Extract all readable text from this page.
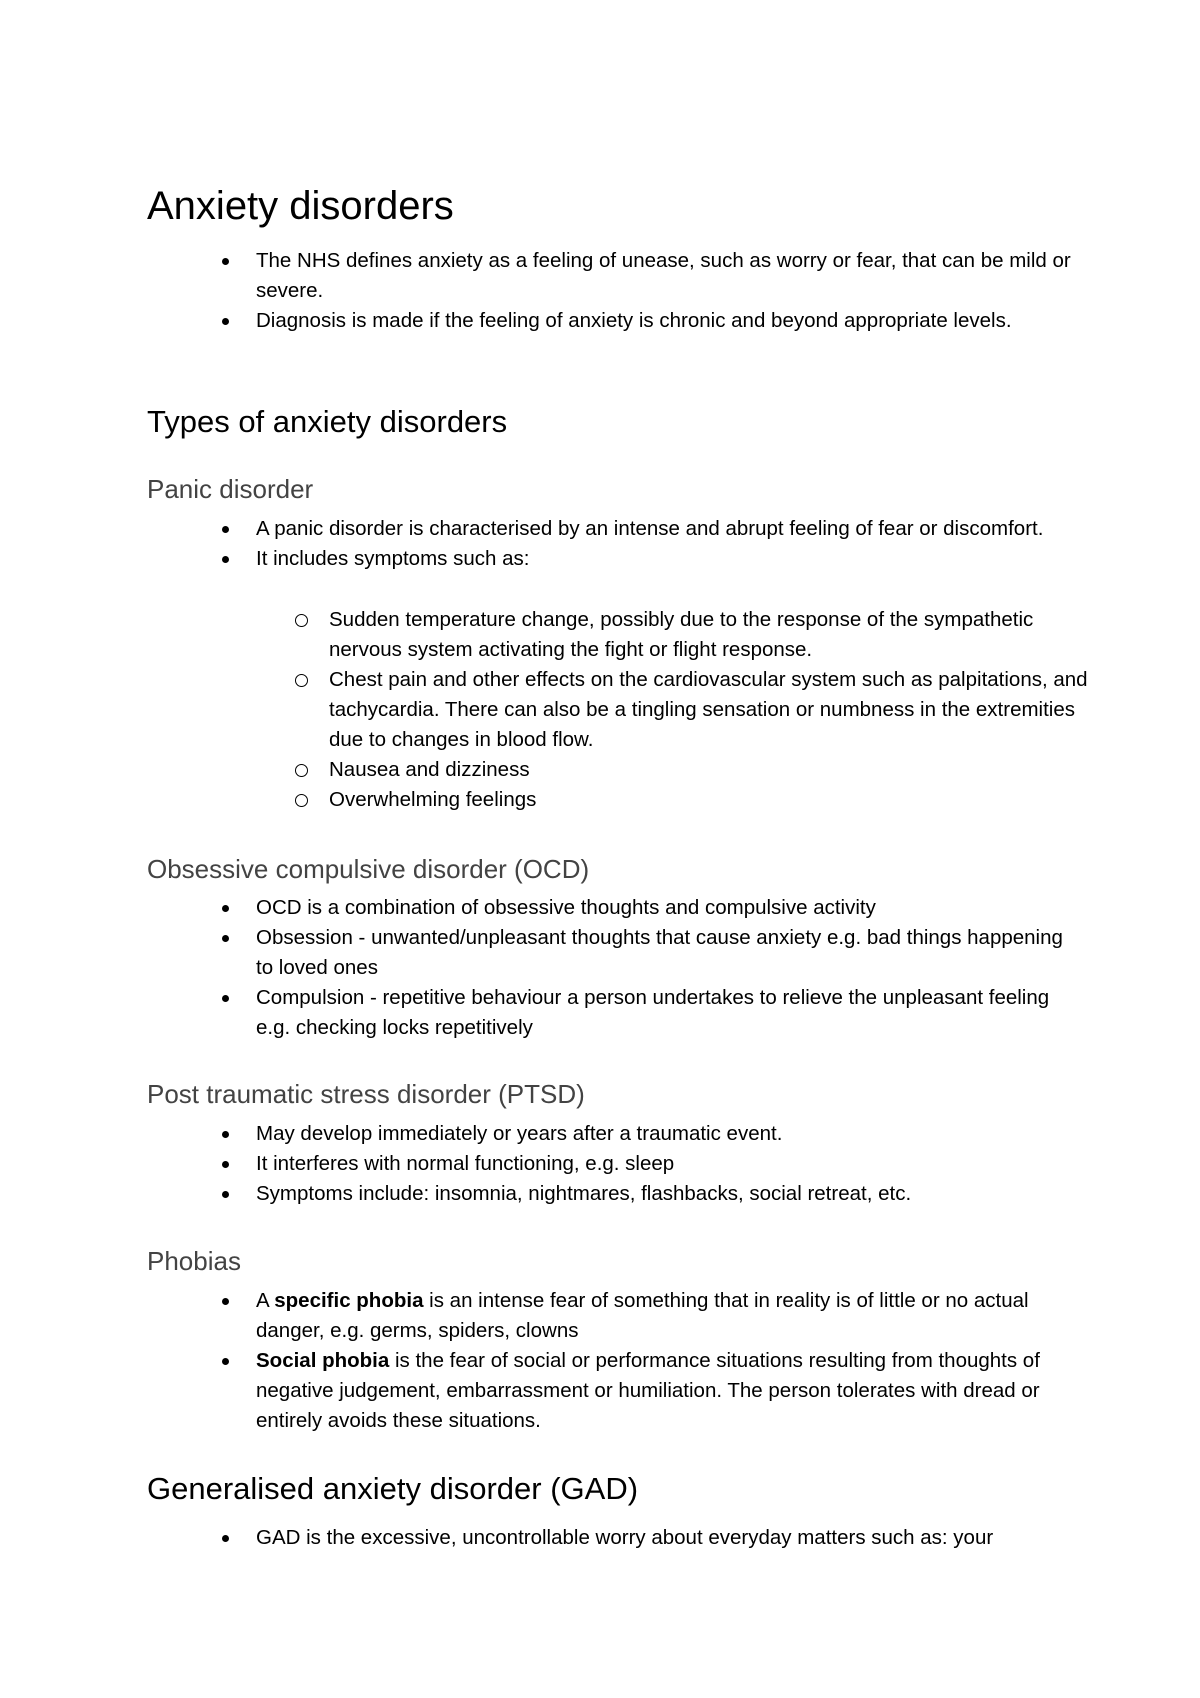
Anxiety disorders
The NHS defines anxiety as a feeling of unease, such as worry or fear, that can be mild or severe.
Diagnosis is made if the feeling of anxiety is chronic and beyond appropriate levels.
Types of anxiety disorders
Panic disorder
A panic disorder is characterised by an intense and abrupt feeling of fear or discomfort.
It includes symptoms such as:
Sudden temperature change, possibly due to the response of the sympathetic nervous system activating the fight or flight response.
Chest pain and other effects on the cardiovascular system such as palpitations, and tachycardia. There can also be a tingling sensation or numbness in the extremities due to changes in blood flow.
Nausea and dizziness
Overwhelming feelings
Obsessive compulsive disorder (OCD)
OCD is a combination of obsessive thoughts and compulsive activity
Obsession - unwanted/unpleasant thoughts that cause anxiety e.g. bad things happening to loved ones
Compulsion - repetitive behaviour a person undertakes to relieve the unpleasant feeling e.g. checking locks repetitively
Post traumatic stress disorder (PTSD)
May develop immediately or years after a traumatic event.
It interferes with normal functioning, e.g. sleep
Symptoms include: insomnia, nightmares, flashbacks, social retreat, etc.
Phobias
A specific phobia is an intense fear of something that in reality is of little or no actual danger, e.g. germs, spiders, clowns
Social phobia is the fear of social or performance situations resulting from thoughts of negative judgement, embarrassment or humiliation. The person tolerates with dread or entirely avoids these situations.
Generalised anxiety disorder (GAD)
GAD is the excessive, uncontrollable worry about everyday matters such as: your
